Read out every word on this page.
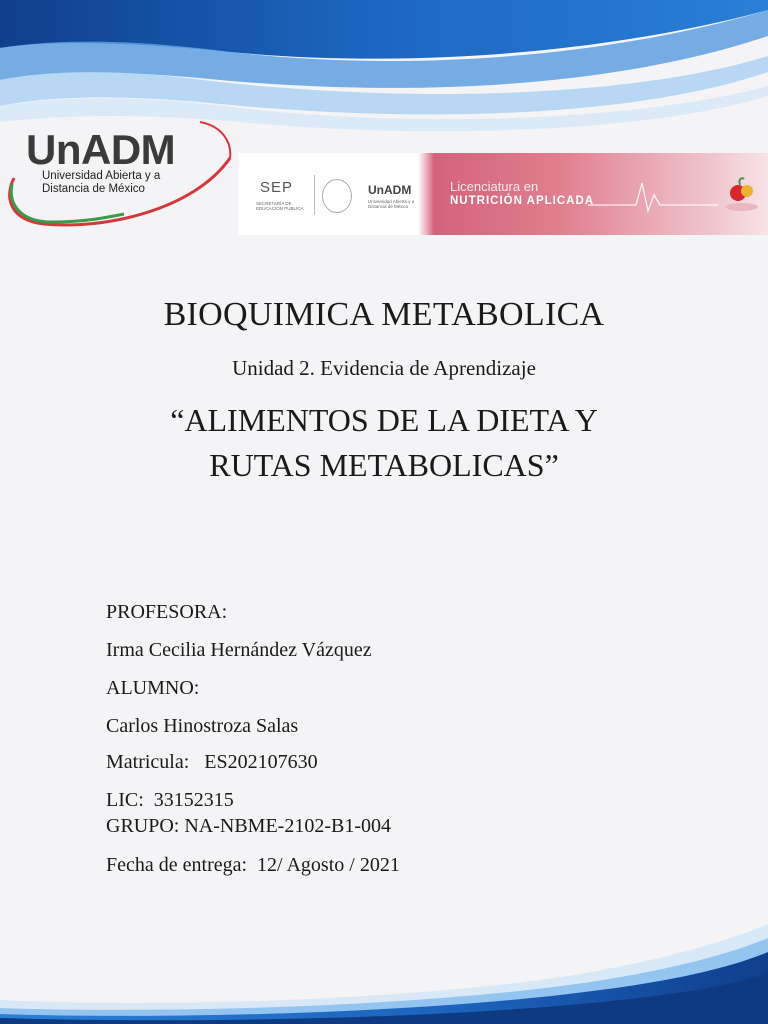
UnADM
Universidad Abierta y a
Distancia de México	SEP
SECRETARÍA DE EDUCACIÓN PÚBLICA
UnADM
Universidad Abierta y a Distancia de México
Licenciatura en
NUTRICIÓN APLICADA
BIOQUIMICA METABOLICA
Unidad 2. Evidencia de Aprendizaje
“ALIMENTOS DE LA DIETA Y
RUTAS METABOLICAS”

PROFESORA:

Irma Cecilia Hernández Vázquez

ALUMNO:

Carlos Hinostroza Salas

Matricula:   ES202107630

LIC:  33152315

GRUPO: NA-NBME-2102-B1-004

Fecha de entrega:  12/ Agosto / 2021
